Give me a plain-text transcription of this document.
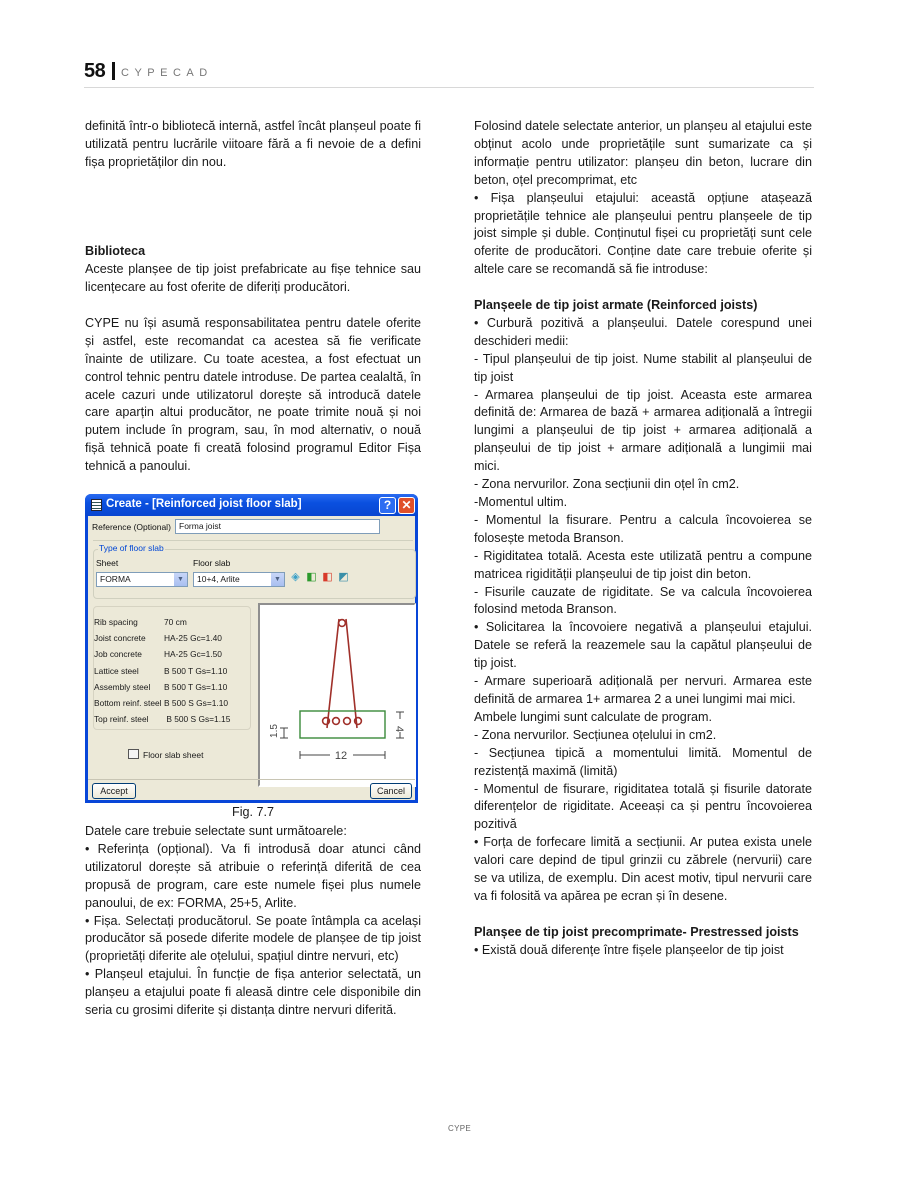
58 CYPECAD

definită într-o bibliotecă internă, astfel încât planșeul poate fi utilizată pentru lucrările viitoare fără a fi nevoie de a defini fișa proprietăților din nou.

Biblioteca

Aceste planșee de tip joist prefabricate au fișe tehnice sau licențecare au fost oferite de diferiți producători.

CYPE nu își asumă responsabilitatea pentru datele oferite și astfel, este recomandat ca acestea să fie verificate înainte de utilizare. Cu toate acestea, a fost efectuat un control tehnic pentru datele introduse. De partea cealaltă, în acele cazuri unde utilizatorul dorește să introducă datele care aparțin altui producător, ne poate trimite nouă și noi putem include în program, sau, în mod alternativ, o nouă fișă tehnică poate fi creată folosind programul Editor Fișa tehnică a panoului.

Create - [Reinforced joist floor slab]	? ✕
Reference (Optional) Forma joist
Type of floor slab
Sheet	Floor slab
FORMA	▼	10+4, Arlite	▼ ◈ ◧ ◧ ◩
Rib spacing	70 cm
Joist concrete HA-25 Gc=1.40
Job concrete	HA-25 Gc=1.50
Lattice steel	B 500 T Gs=1.10
Assembly steel B 500 T Gs=1.10
Bottom reinf. steel B 500 S Gs=1.10
Top reinf. steel B 500 S Gs=1.15
Floor slab sheet	12
4
1.5
Accept	Cancel
Fig. 7.7

Datele care trebuie selectate sunt următoarele:

• Referința (opțional). Va fi introdusă doar atunci când utilizatorul dorește să atribuie o referință diferită de cea propusă de program, care este numele fișei plus numele panoului, de ex: FORMA, 25+5, Arlite.

• Fișa. Selectați producătorul. Se poate întâmpla ca același producător să posede diferite modele de planșee de tip joist (proprietăți diferite ale oțelului, spațiul dintre nervuri, etc)

• Planșeul etajului. În funcție de fișa anterior selectată, un planșeu a etajului poate fi aleasă dintre cele disponibile din seria cu grosimi diferite și distanța dintre nervuri diferită.

Folosind datele selectate anterior, un planșeu al etajului este obținut acolo unde proprietățile sunt sumarizate ca și informație pentru utilizator: planșeu din beton, lucrare din beton, oțel precomprimat, etc

• Fișa planșeului etajului: această opțiune atașează proprietățile tehnice ale planșeului pentru planșeele de tip joist simple și duble. Conținutul fișei cu proprietăți sunt cele oferite de producători. Conține date care trebuie oferite și altele care se recomandă să fie introduse:

Planșeele de tip joist armate (Reinforced joists)

• Curbură pozitivă a planșeului. Datele corespund unei deschideri medii:

- Tipul planșeului de tip joist. Nume stabilit al planșeului de tip joist

- Armarea planșeului de tip joist. Aceasta este armarea definită de: Armarea de bază + armarea adițională a întregii lungimi a planșeului de tip joist + armarea adițională a planșeului de tip joist + armare adițională a lungimii mai mici.

- Zona nervurilor. Zona secțiunii din oțel în cm2.

-Momentul ultim.

- Momentul la fisurare. Pentru a calcula încovoierea se folosește metoda Branson.

- Rigiditatea totală. Acesta este utilizată pentru a compune matricea rigidității planșeului de tip joist din beton.

- Fisurile cauzate de rigiditate. Se va calcula încovoierea folosind metoda Branson.

• Solicitarea la încovoiere negativă a planșeului etajului. Datele se referă la reazemele sau la capătul planșeului de tip joist.

- Armare superioară adițională per nervuri. Armarea este definită de armarea 1+ armarea 2 a unei lungimi mai mici.

Ambele lungimi sunt calculate de program.

- Zona nervurilor. Secțiunea oțelului in cm2.

- Secțiunea tipică a momentului limită. Momentul de rezistență maximă (limită)

- Momentul de fisurare, rigiditatea totală și fisurile datorate diferențelor de rigiditate. Aceeași ca și pentru încovoierea pozitivă

• Forța de forfecare limită a secțiunii. Ar putea exista unele valori care depind de tipul grinzii cu zăbrele (nervurii) care se va utiliza, de exemplu. Din acest motiv, tipul nervurii care va fi folosită va apărea pe ecran și în desene.

Planșee de tip joist precomprimate- Prestressed joists

• Există două diferențe între fișele planșeelor de tip joist

CYPE
